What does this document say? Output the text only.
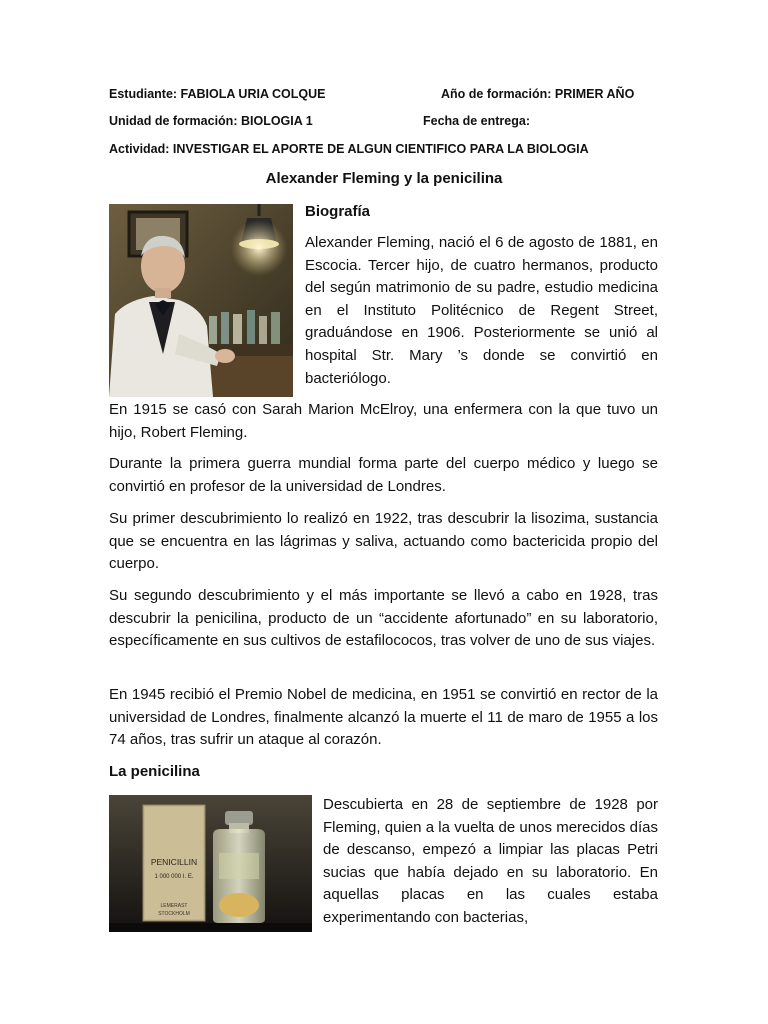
Estudiante: FABIOLA URIA COLQUE	Año de formación: PRIMER AÑO
Unidad de formación: BIOLOGIA 1	Fecha de entrega:
Actividad: INVESTIGAR EL APORTE DE ALGUN CIENTIFICO PARA LA BIOLOGIA
Alexander Fleming y la penicilina
Biografía

Alexander Fleming, nació el 6 de agosto de 1881, en Escocia. Tercer hijo, de cuatro hermanos, producto del según matrimonio de su padre, estudio medicina en el Instituto Politécnico de Regent Street, graduándose en 1906. Posteriormente se unió al hospital Str. Mary ’s donde se convirtió en bacteriólogo.

En 1915 se casó con Sarah Marion McElroy, una enfermera con la que tuvo un hijo, Robert Fleming.

Durante la primera guerra mundial forma parte del cuerpo médico y luego se convirtió en profesor de la universidad de Londres.

Su primer descubrimiento lo realizó en 1922, tras descubrir la lisozima, sustancia que se encuentra en las lágrimas y saliva, actuando como bactericida propio del cuerpo.

Su segundo descubrimiento y el más importante se llevó a cabo en 1928, tras descubrir la penicilina, producto de un “accidente afortunado” en su laboratorio, específicamente en sus cultivos de estafilococos, tras volver de uno de sus viajes.

En 1945 recibió el Premio Nobel de medicina, en 1951 se convirtió en rector de la universidad de Londres, finalmente alcanzó la muerte el 11 de maro de 1955 a los 74 años, tras sufrir un ataque al corazón.

La penicilina
PENICILLIN
1 000 000 I. E.
LEMERAST
STOCKHOLM

Descubierta en 28 de septiembre de 1928 por Fleming, quien a la vuelta de unos merecidos días de descanso, empezó a limpiar las placas Petri sucias que había dejado en su laboratorio. En aquellas placas en las cuales estaba experimentando con bacterias,
